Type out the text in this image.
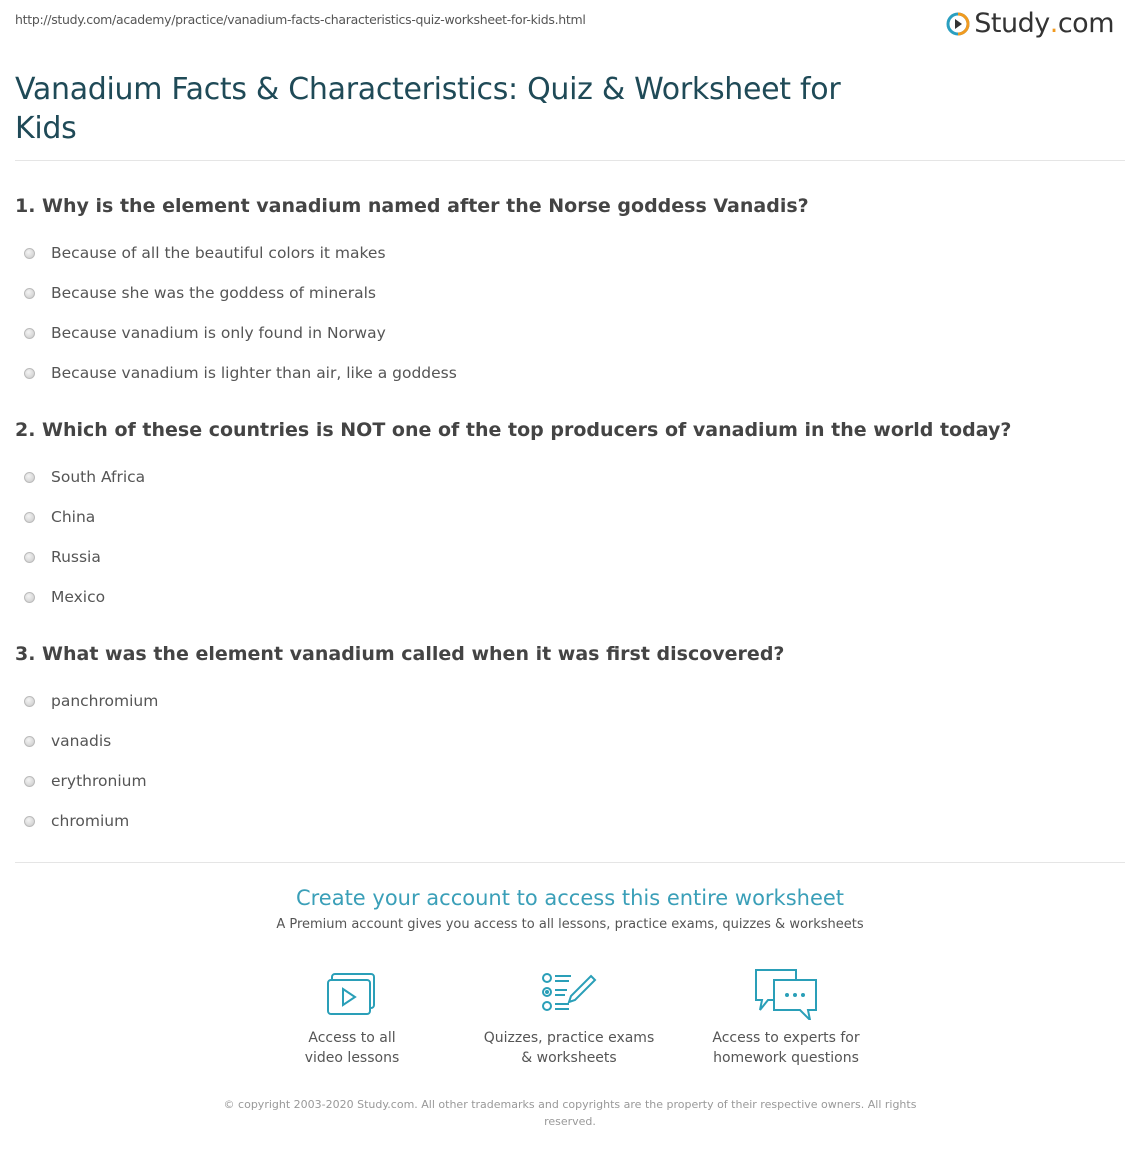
http://study.com/academy/practice/vanadium-facts-characteristics-quiz-worksheet-for-kids.html	Study . com
Vanadium Facts & Characteristics: Quiz & Worksheet for Kids
1. Why is the element vanadium named after the Norse goddess Vanadis?
Because of all the beautiful colors it makes
Because she was the goddess of minerals
Because vanadium is only found in Norway
Because vanadium is lighter than air, like a goddess
2. Which of these countries is NOT one of the top producers of vanadium in the world today?
South Africa
China
Russia
Mexico
3. What was the element vanadium called when it was first discovered?
panchromium
vanadis
erythronium
chromium
Create your account to access this entire worksheet
A Premium account gives you access to all lessons, practice exams, quizzes & worksheets
Access to all
video lessons
Quizzes, practice exams
& worksheets
Access to experts for
homework questions
© copyright 2003-2020 Study.com. All other trademarks and copyrights are the property of their respective owners. All rights reserved.
